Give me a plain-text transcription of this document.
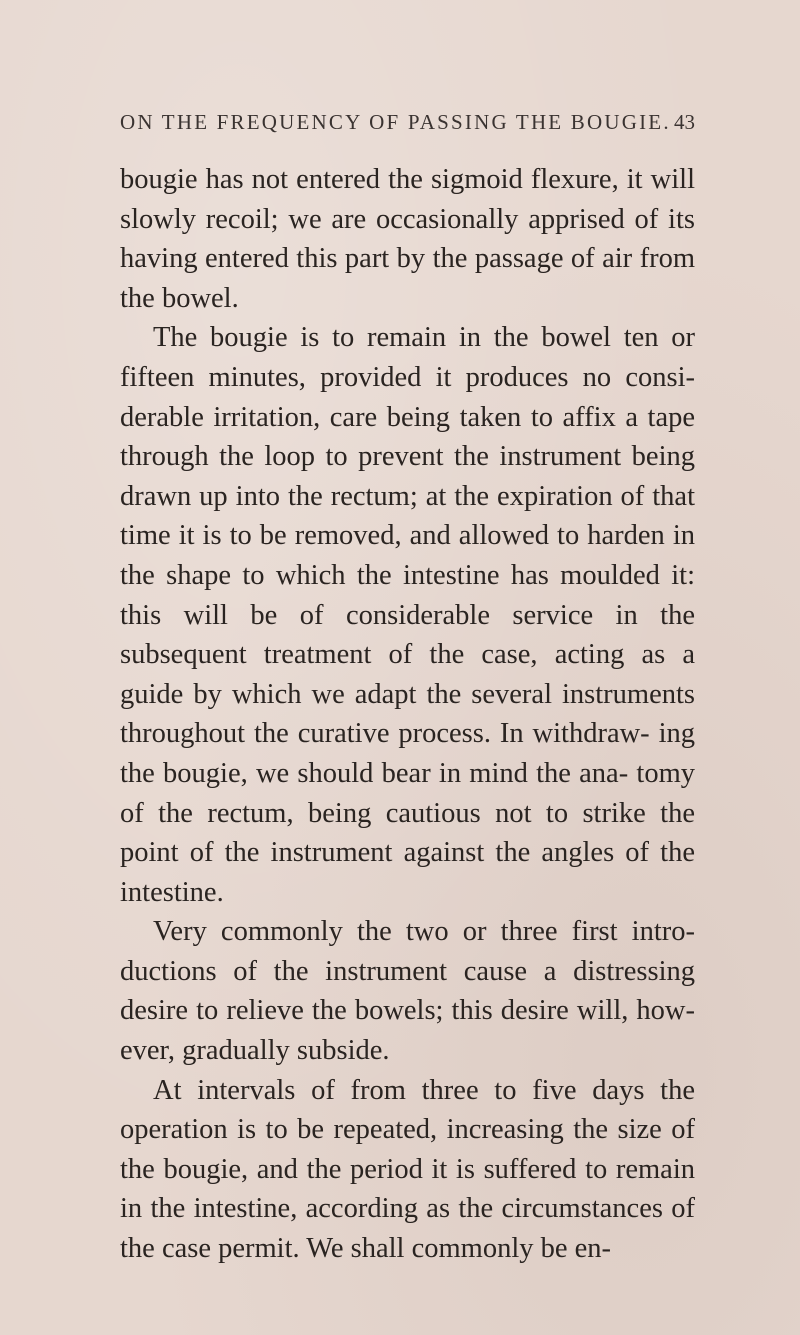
ON THE FREQUENCY OF PASSING THE BOUGIE. 43

bougie has not entered the sigmoid flexure, it will slowly recoil; we are occasionally apprised of its having entered this part by the passage of air from the bowel.

The bougie is to remain in the bowel ten or fifteen minutes, provided it produces no consi- derable irritation, care being taken to affix a tape through the loop to prevent the instrument being drawn up into the rectum; at the expiration of that time it is to be removed, and allowed to harden in the shape to which the intestine has moulded it: this will be of considerable service in the subsequent treatment of the case, acting as a guide by which we adapt the several instruments throughout the curative process. In withdraw- ing the bougie, we should bear in mind the ana- tomy of the rectum, being cautious not to strike the point of the instrument against the angles of the intestine.

Very commonly the two or three first intro- ductions of the instrument cause a distressing desire to relieve the bowels; this desire will, how- ever, gradually subside.

At intervals of from three to five days the operation is to be repeated, increasing the size of the bougie, and the period it is suffered to remain in the intestine, according as the circumstances of the case permit. We shall commonly be en-
